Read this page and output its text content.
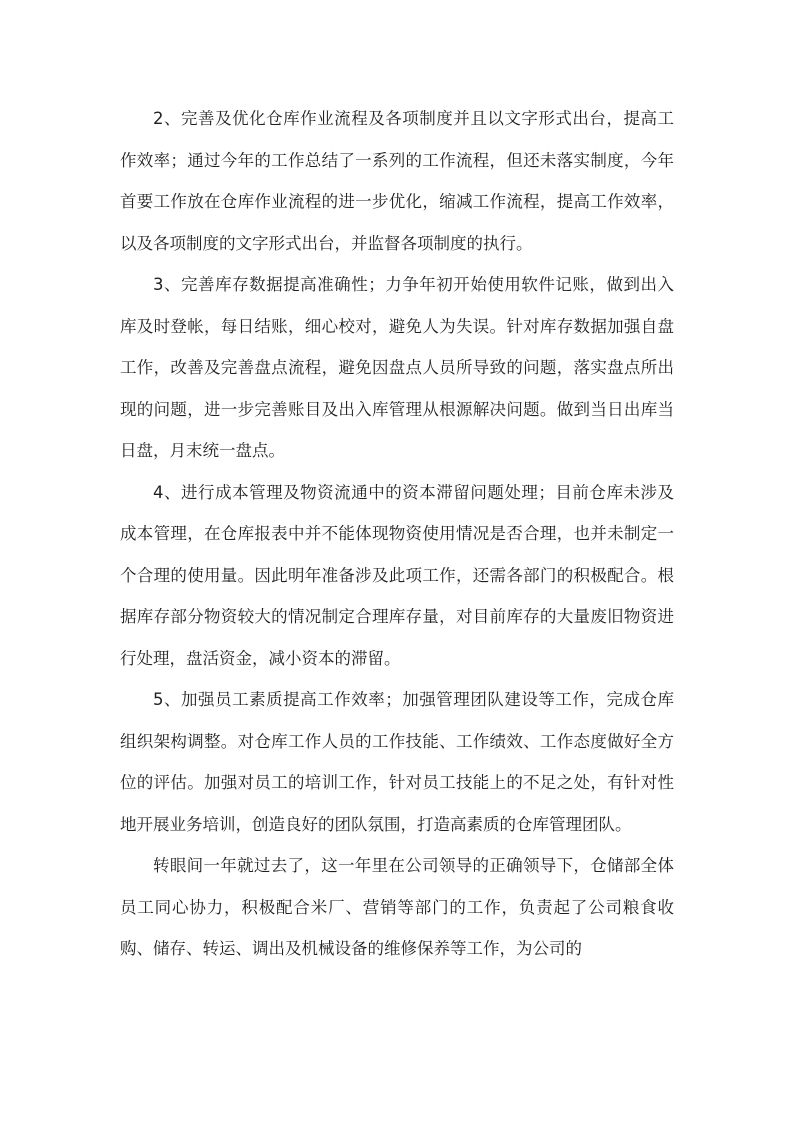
2、完善及优化仓库作业流程及各项制度并且以文字形式出台，提高工作效率；通过今年的工作总结了一系列的工作流程，但还未落实制度，今年首要工作放在仓库作业流程的进一步优化，缩减工作流程，提高工作效率，以及各项制度的文字形式出台，并监督各项制度的执行。

3、完善库存数据提高准确性；力争年初开始使用软件记账，做到出入库及时登帐，每日结账，细心校对，避免人为失误。针对库存数据加强自盘工作，改善及完善盘点流程，避免因盘点人员所导致的问题，落实盘点所出现的问题，进一步完善账目及出入库管理从根源解决问题。做到当日出库当日盘，月末统一盘点。

4、进行成本管理及物资流通中的资本滞留问题处理；目前仓库未涉及成本管理，在仓库报表中并不能体现物资使用情况是否合理，也并未制定一个合理的使用量。因此明年准备涉及此项工作，还需各部门的积极配合。根据库存部分物资较大的情况制定合理库存量，对目前库存的大量废旧物资进行处理，盘活资金，减小资本的滞留。

5、加强员工素质提高工作效率；加强管理团队建设等工作，完成仓库组织架构调整。对仓库工作人员的工作技能、工作绩效、工作态度做好全方位的评估。加强对员工的培训工作，针对员工技能上的不足之处，有针对性地开展业务培训，创造良好的团队氛围，打造高素质的仓库管理团队。

转眼间一年就过去了，这一年里在公司领导的正确领导下，仓储部全体员工同心协力，积极配合米厂、营销等部门的工作，负责起了公司粮食收购、储存、转运、调出及机械设备的维修保养等工作，为公司的
